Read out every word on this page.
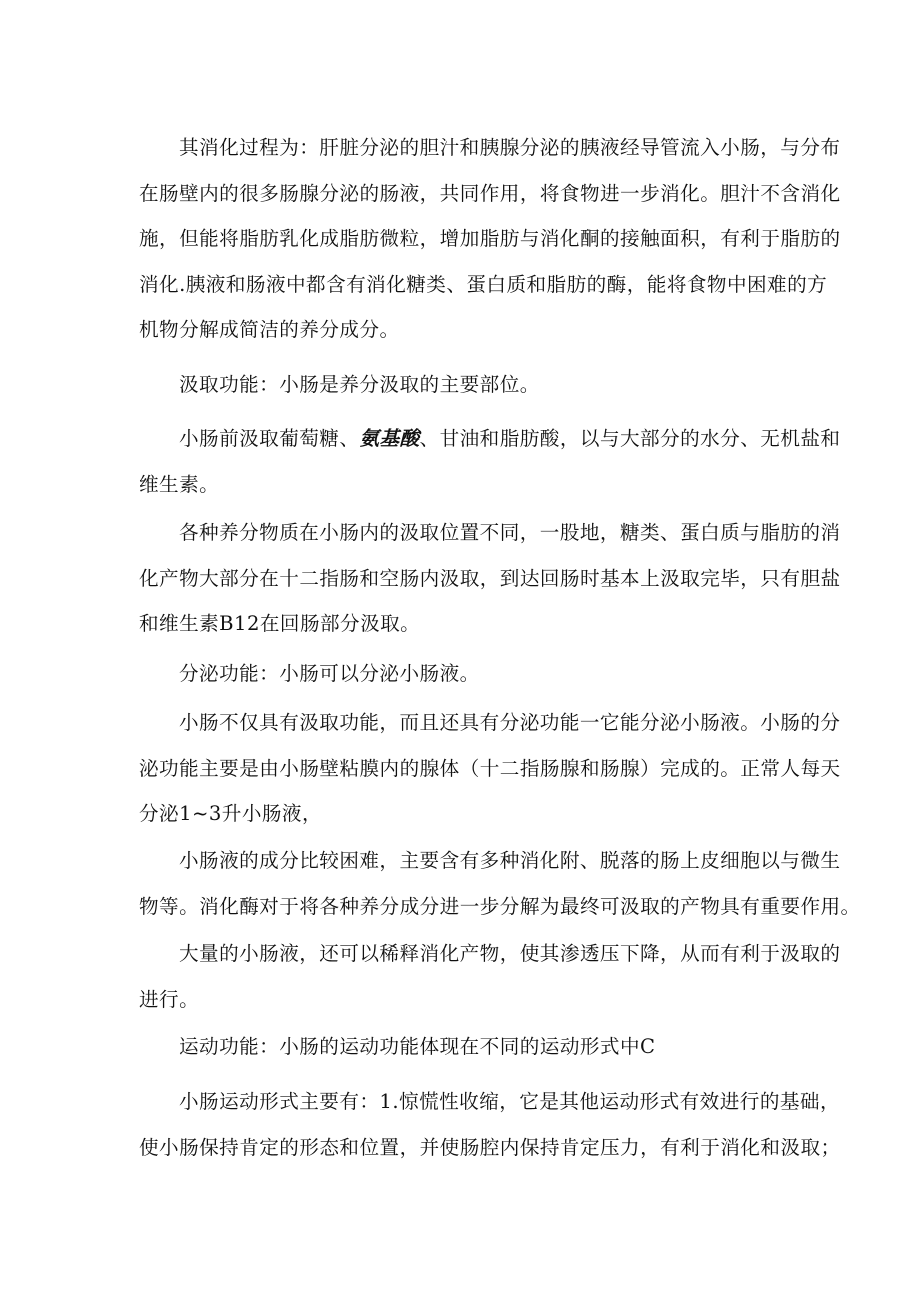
其消化过程为：肝脏分泌的胆汁和胰腺分泌的胰液经导管流入小肠，与分布
在肠壁内的很多肠腺分泌的肠液，共同作用，将食物进一步消化。胆汁不含消化
施，但能将脂肪乳化成脂肪微粒，增加脂肪与消化酮的接触面积，有利于脂肪的
消化.胰液和肠液中都含有消化糖类、蛋白质和脂肪的酶，能将食物中困难的方
机物分解成简洁的养分成分。
汲取功能：小肠是养分汲取的主要部位。
小肠前汲取葡萄糖、氨基酸、甘油和脂肪酸，以与大部分的水分、无机盐和
维生素。
各种养分物质在小肠内的汲取位置不同，一股地，糖类、蛋白质与脂肪的消
化产物大部分在十二指肠和空肠内汲取，到达回肠时基本上汲取完毕，只有胆盐
和维生素B12在回肠部分汲取。
分泌功能：小肠可以分泌小肠液。
小肠不仅具有汲取功能，而且还具有分泌功能一它能分泌小肠液。小肠的分
泌功能主要是由小肠壁粘膜内的腺体（十二指肠腺和肠腺）完成的。正常人每天
分泌1~3升小肠液，
小肠液的成分比较困难，主要含有多种消化附、脱落的肠上皮细胞以与微生
物等。消化酶对于将各种养分成分进一步分解为最终可汲取的产物具有重要作用。
大量的小肠液，还可以稀释消化产物，使其渗透压下降，从而有利于汲取的
进行。
运动功能：小肠的运动功能体现在不同的运动形式中C
小肠运动形式主要有：1.惊慌性收缩，它是其他运动形式有效进行的基础，
使小肠保持肯定的形态和位置，并使肠腔内保持肯定压力，有利于消化和汲取；
